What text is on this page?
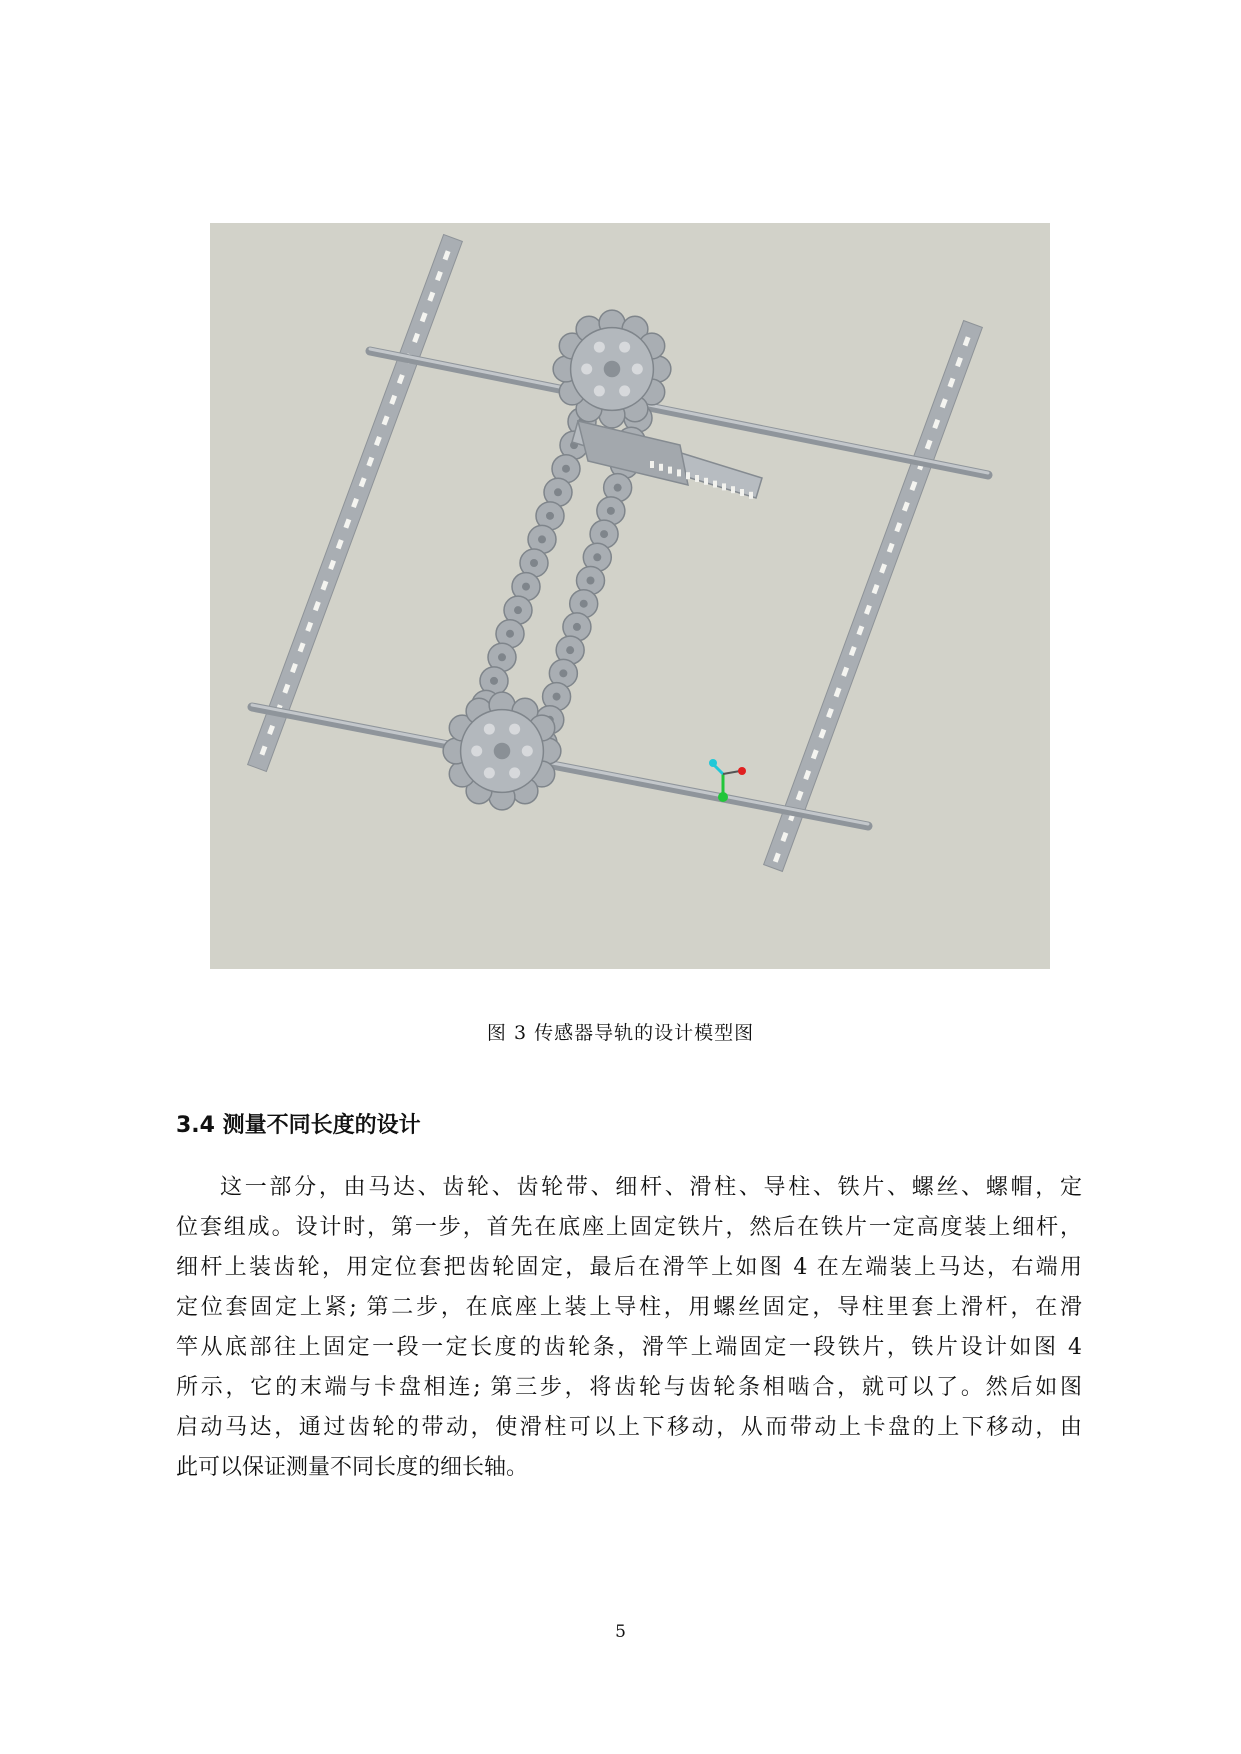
图 3 传感器导轨的设计模型图
3.4 测量不同长度的设计
这一部分，由马达、齿轮、齿轮带、细杆、滑柱、导柱、铁片、螺丝、螺帽，定
位套组成。设计时，第一步，首先在底座上固定铁片，然后在铁片一定高度装上细杆，
细杆上装齿轮，用定位套把齿轮固定，最后在滑竿上如图 4 在左端装上马达，右端用
定位套固定上紧; 第二步，在底座上装上导柱，用螺丝固定，导柱里套上滑杆，在滑
竿从底部往上固定一段一定长度的齿轮条，滑竿上端固定一段铁片，铁片设计如图 4
所示，它的末端与卡盘相连; 第三步，将齿轮与齿轮条相啮合，就可以了。然后如图
启动马达，通过齿轮的带动，使滑柱可以上下移动，从而带动上卡盘的上下移动，由
此可以保证测量不同长度的细长轴。
5
